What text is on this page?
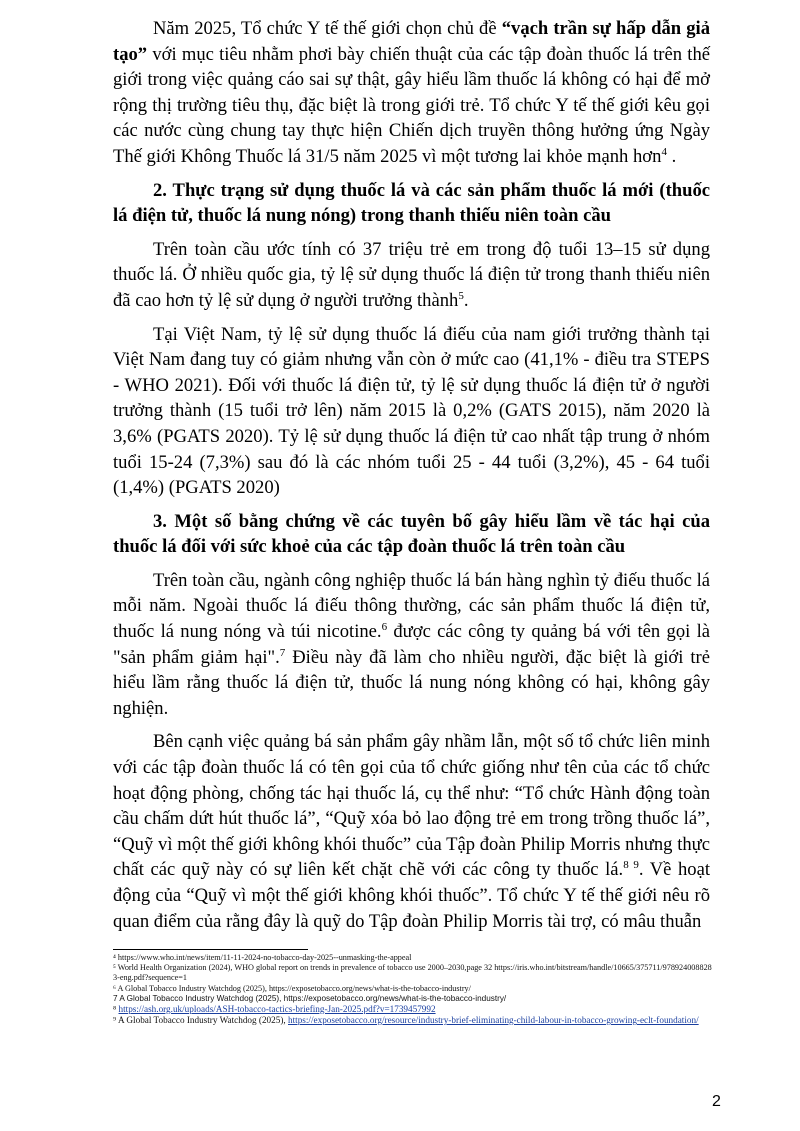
Năm 2025, Tổ chức Y tế thế giới chọn chủ đề “vạch trần sự hấp dẫn giả tạo” với mục tiêu nhằm phơi bày chiến thuật của các tập đoàn thuốc lá trên thế giới trong việc quảng cáo sai sự thật, gây hiểu lầm thuốc lá không có hại để mở rộng thị trường tiêu thụ, đặc biệt là trong giới trẻ. Tổ chức Y tế thế giới kêu gọi các nước cùng chung tay thực hiện Chiến dịch truyền thông hưởng ứng Ngày Thế giới Không Thuốc lá 31/5 năm 2025 vì một tương lai khỏe mạnh hơn$^4$ .

2. Thực trạng sử dụng thuốc lá và các sản phẩm thuốc lá mới (thuốc lá điện tử, thuốc lá nung nóng) trong thanh thiếu niên toàn cầu

Trên toàn cầu ước tính có 37 triệu trẻ em trong độ tuổi 13–15 sử dụng thuốc lá. Ở nhiều quốc gia, tỷ lệ sử dụng thuốc lá điện tử trong thanh thiếu niên đã cao hơn tỷ lệ sử dụng ở người trưởng thành$^5$.

Tại Việt Nam, tỷ lệ sử dụng thuốc lá điếu của nam giới trưởng thành tại Việt Nam đang tuy có giảm nhưng vẫn còn ở mức cao (41,1% - điều tra STEPS - WHO 2021). Đối với thuốc lá điện tử, tỷ lệ sử dụng thuốc lá điện tử ở người trưởng thành (15 tuổi trở lên) năm 2015 là 0,2% (GATS 2015), năm 2020 là 3,6% (PGATS 2020). Tỷ lệ sử dụng thuốc lá điện tử cao nhất tập trung ở nhóm tuổi 15-24 (7,3%) sau đó là các nhóm tuổi 25 - 44 tuổi (3,2%), 45 - 64 tuổi (1,4%) (PGATS 2020)

3. Một số bằng chứng về các tuyên bố gây hiểu lầm về tác hại của thuốc lá đối với sức khoẻ của các tập đoàn thuốc lá trên toàn cầu

Trên toàn cầu, ngành công nghiệp thuốc lá bán hàng nghìn tỷ điếu thuốc lá mỗi năm. Ngoài thuốc lá điếu thông thường, các sản phẩm thuốc lá điện tử, thuốc lá nung nóng và túi nicotine.$^6$ được các công ty quảng bá với tên gọi là "sản phẩm giảm hại".$^7$ Điều này đã làm cho nhiều người, đặc biệt là giới trẻ hiểu lầm rằng thuốc lá điện tử, thuốc lá nung nóng không có hại, không gây nghiện.

Bên cạnh việc quảng bá sản phẩm gây nhầm lẫn, một số tổ chức liên minh với các tập đoàn thuốc lá có tên gọi của tổ chức giống như tên của các tổ chức hoạt động phòng, chống tác hại thuốc lá, cụ thể như: “Tổ chức Hành động toàn cầu chấm dứt hút thuốc lá”, “Quỹ xóa bỏ lao động trẻ em trong trồng thuốc lá”, “Quỹ vì một thế giới không khói thuốc” của Tập đoàn Philip Morris nhưng thực chất các quỹ này có sự liên kết chặt chẽ với các công ty thuốc lá.$^{8 9}$. Về hoạt động của “Quỹ vì một thế giới không khói thuốc”. Tổ chức Y tế thế giới nêu rõ quan điểm của rằng đây là quỹ do Tập đoàn Philip Morris tài trợ, có mâu thuẫn

⁴ https://www.who.int/news/item/11-11-2024-no-tobacco-day-2025--unmasking-the-appeal

⁵ World Health Organization (2024), WHO global report on trends in prevalence of tobacco use 2000–2030,page 32 https://iris.who.int/bitstream/handle/10665/375711/9789240088283-eng.pdf?sequence=1

⁶ A Global Tobacco Industry Watchdog (2025), https://exposetobacco.org/news/what-is-the-tobacco-industry/

7 A Global Tobacco Industry Watchdog (2025), https://exposetobacco.org/news/what-is-the-tobacco-industry/

⁸ https://ash.org.uk/uploads/ASH-tobacco-tactics-briefing-Jan-2025.pdf?v=1739457992

⁹ A Global Tobacco Industry Watchdog (2025), https://exposetobacco.org/resource/industry-brief-eliminating-child-labour-in-tobacco-growing-eclt-foundation/

2
